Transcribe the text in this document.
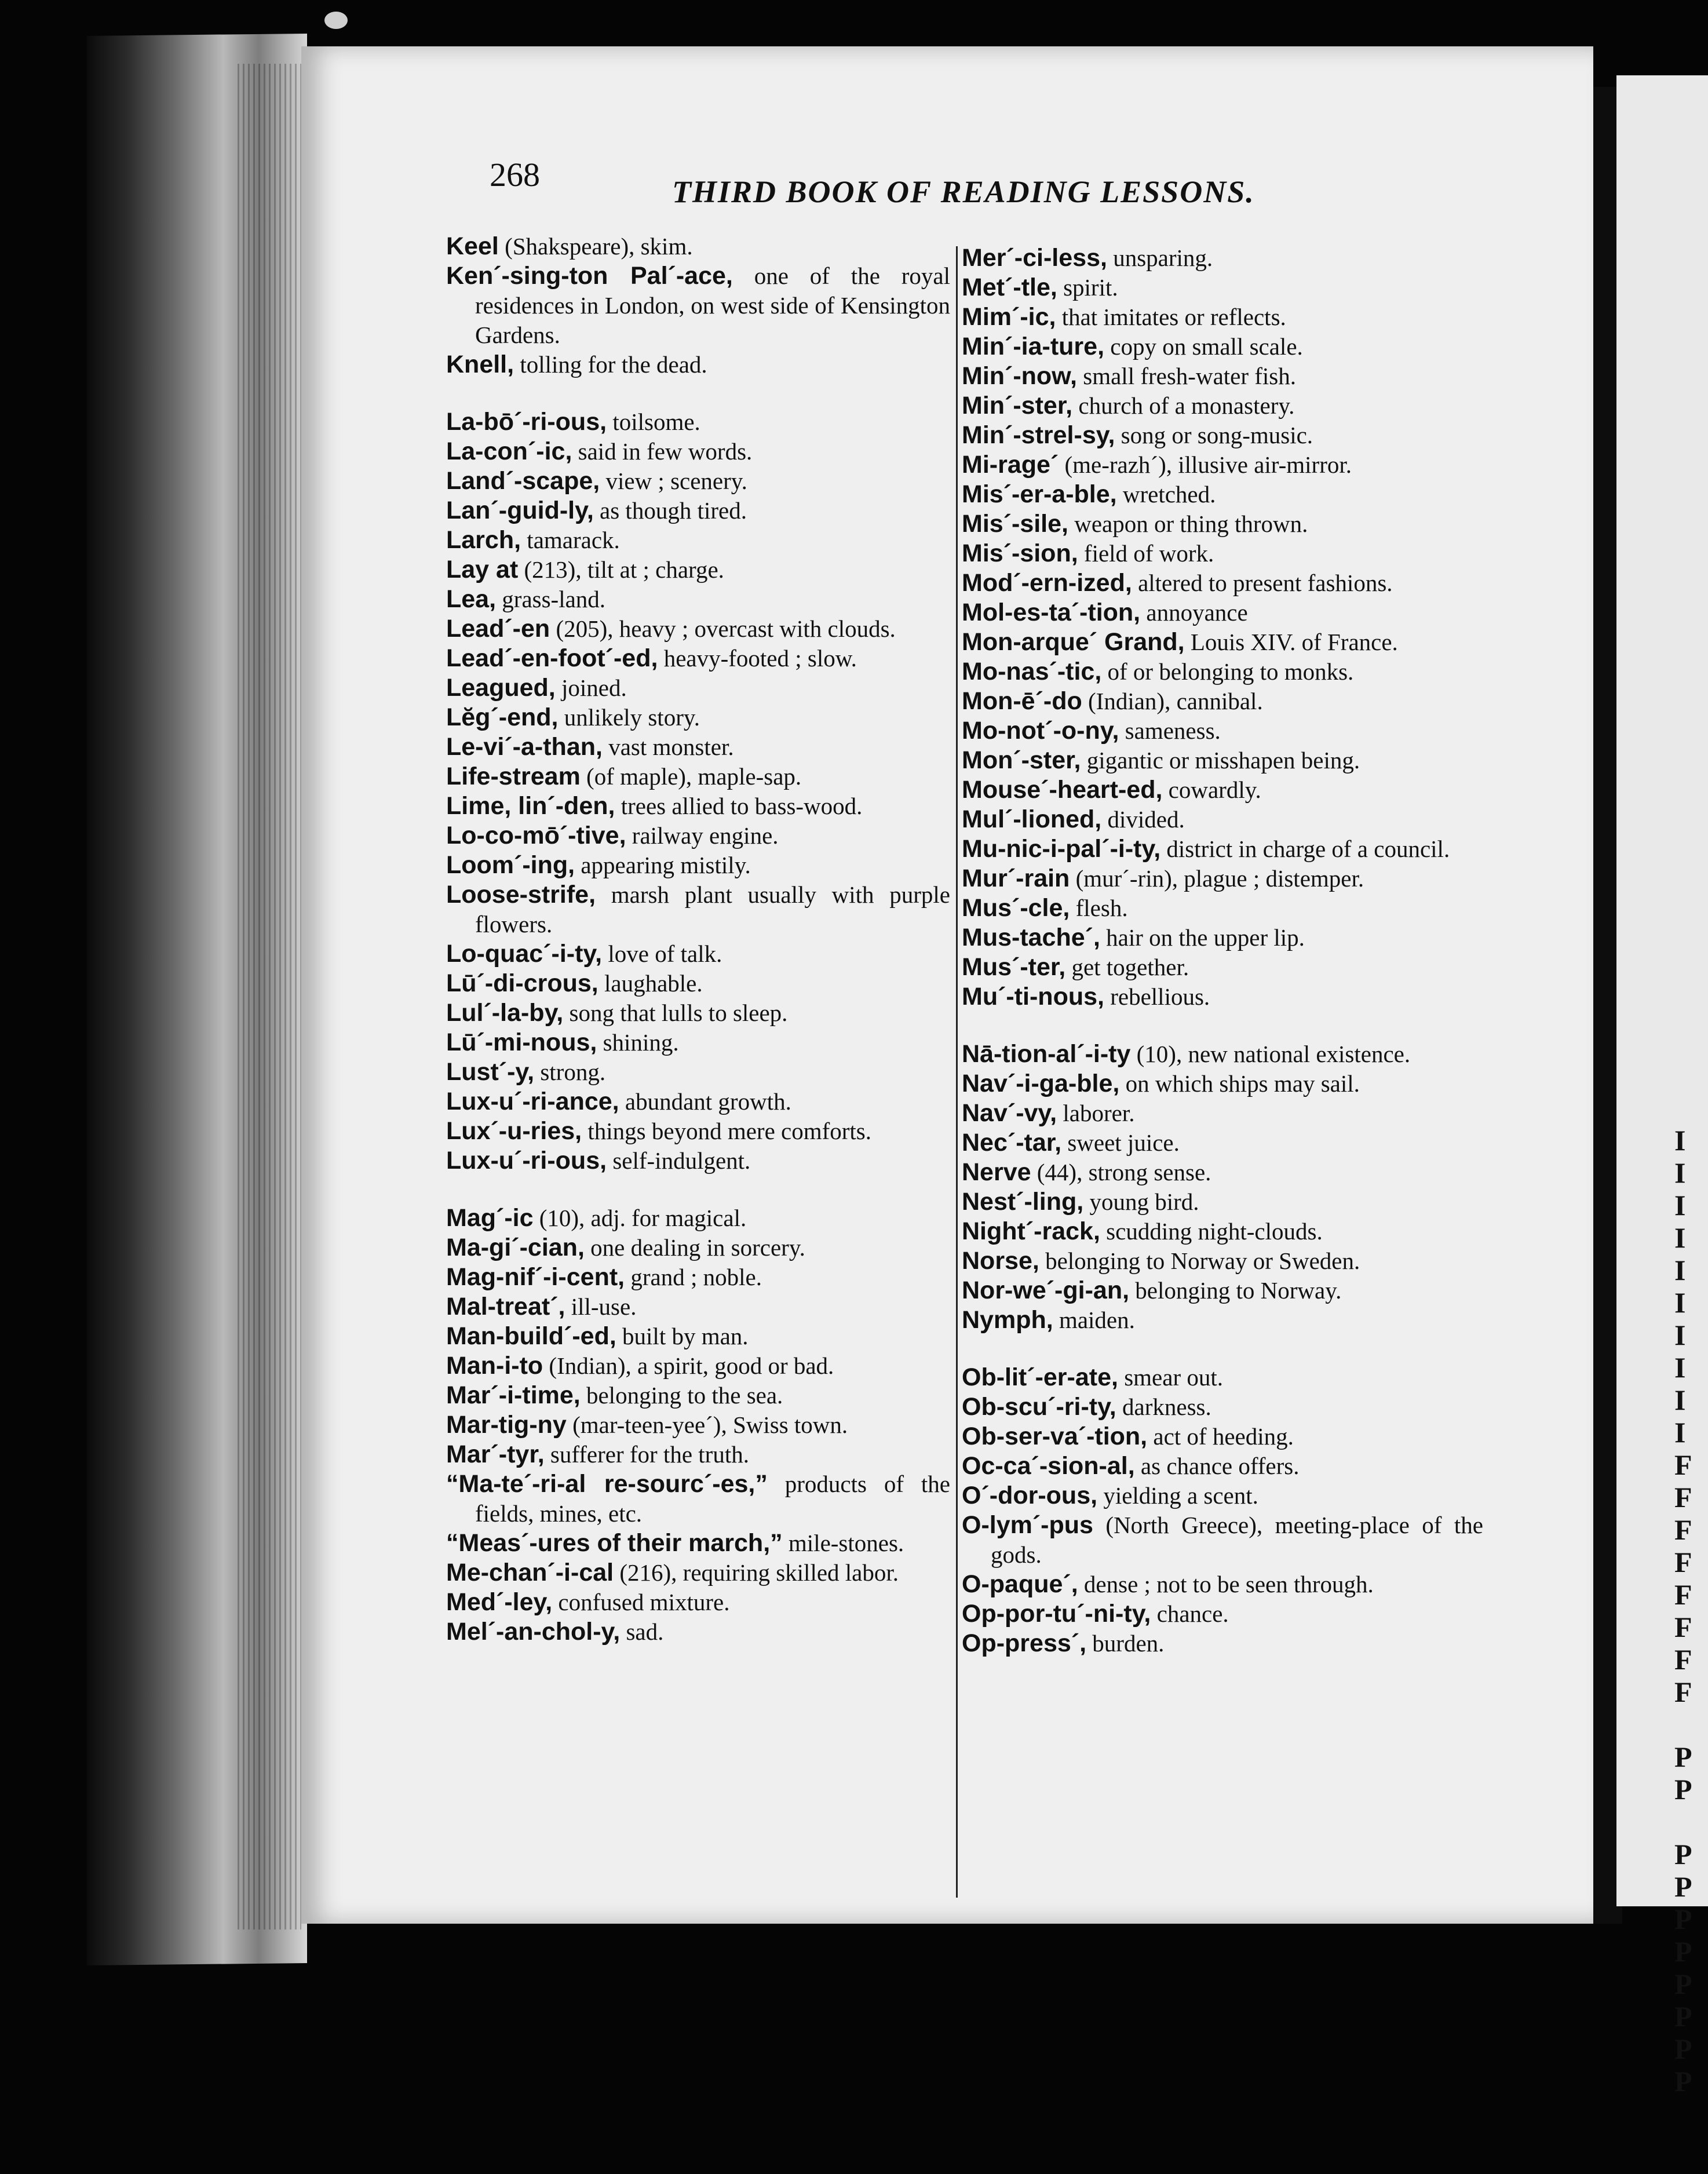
I
I
I
I
I
I
I
I
I
I
F
F
F
F
F
F
F
F

P
P

P
P
P
P
P
P
P
P
268	THIRD BOOK OF READING LESSONS.

Keel (Shakspeare), skim.

Ken´-sing-ton Pal´-ace, one of the royal residences in London, on west side of Kensington Gardens.

Knell, tolling for the dead.

La-bō´-ri-ous, toilsome.

La-con´-ic, said in few words.

Land´-scape, view ; scenery.

Lan´-guid-ly, as though tired.

Larch, tamarack.

Lay at (213), tilt at ; charge.

Lea, grass-land.

Lead´-en (205), heavy ; overcast with clouds.

Lead´-en-foot´-ed, heavy-footed ; slow.

Leagued, joined.

Lĕg´-end, unlikely story.

Le-vi´-a-than, vast monster.

Life-stream (of maple), maple-sap.

Lime, lin´-den, trees allied to bass-wood.

Lo-co-mō´-tive, railway engine.

Loom´-ing, appearing mistily.

Loose-strife, marsh plant usually with purple flowers.

Lo-quac´-i-ty, love of talk.

Lū´-di-crous, laughable.

Lul´-la-by, song that lulls to sleep.

Lū´-mi-nous, shining.

Lust´-y, strong.

Lux-u´-ri-ance, abundant growth.

Lux´-u-ries, things beyond mere comforts.

Lux-u´-ri-ous, self-indulgent.

Mag´-ic (10), adj. for magical.

Ma-gi´-cian, one dealing in sorcery.

Mag-nif´-i-cent, grand ; noble.

Mal-treat´, ill-use.

Man-build´-ed, built by man.

Man-i-to (Indian), a spirit, good or bad.

Mar´-i-time, belonging to the sea.

Mar-tig-ny (mar-teen-yee´), Swiss town.

Mar´-tyr, sufferer for the truth.

“Ma-te´-ri-al re-sourc´-es,” products of the fields, mines, etc.

“Meas´-ures of their march,” mile-stones.

Me-chan´-i-cal (216), requiring skilled labor.

Med´-ley, confused mixture.

Mel´-an-chol-y, sad.

Mer´-ci-less, unsparing.

Met´-tle, spirit.

Mim´-ic, that imitates or reflects.

Min´-ia-ture, copy on small scale.

Min´-now, small fresh-water fish.

Min´-ster, church of a monastery.

Min´-strel-sy, song or song-music.

Mi-rage´ (me-razh´), illusive air-mirror.

Mis´-er-a-ble, wretched.

Mis´-sile, weapon or thing thrown.

Mis´-sion, field of work.

Mod´-ern-ized, altered to present fashions.

Mol-es-ta´-tion, annoyance

Mon-arque´ Grand, Louis XIV. of France.

Mo-nas´-tic, of or belonging to monks.

Mon-ē´-do (Indian), cannibal.

Mo-not´-o-ny, sameness.

Mon´-ster, gigantic or misshapen being.

Mouse´-heart-ed, cowardly.

Mul´-lioned, divided.

Mu-nic-i-pal´-i-ty, district in charge of a council.

Mur´-rain (mur´-rin), plague ; distemper.

Mus´-cle, flesh.

Mus-tache´, hair on the upper lip.

Mus´-ter, get together.

Mu´-ti-nous, rebellious.

Nā-tion-al´-i-ty (10), new national existence.

Nav´-i-ga-ble, on which ships may sail.

Nav´-vy, laborer.

Nec´-tar, sweet juice.

Nerve (44), strong sense.

Nest´-ling, young bird.

Night´-rack, scudding night-clouds.

Norse, belonging to Norway or Sweden.

Nor-we´-gi-an, belonging to Norway.

Nymph, maiden.

Ob-lit´-er-ate, smear out.

Ob-scu´-ri-ty, darkness.

Ob-ser-va´-tion, act of heeding.

Oc-ca´-sion-al, as chance offers.

O´-dor-ous, yielding a scent.

O-lym´-pus (North Greece), meeting-place of the gods.

O-paque´, dense ; not to be seen through.

Op-por-tu´-ni-ty, chance.

Op-press´, burden.
